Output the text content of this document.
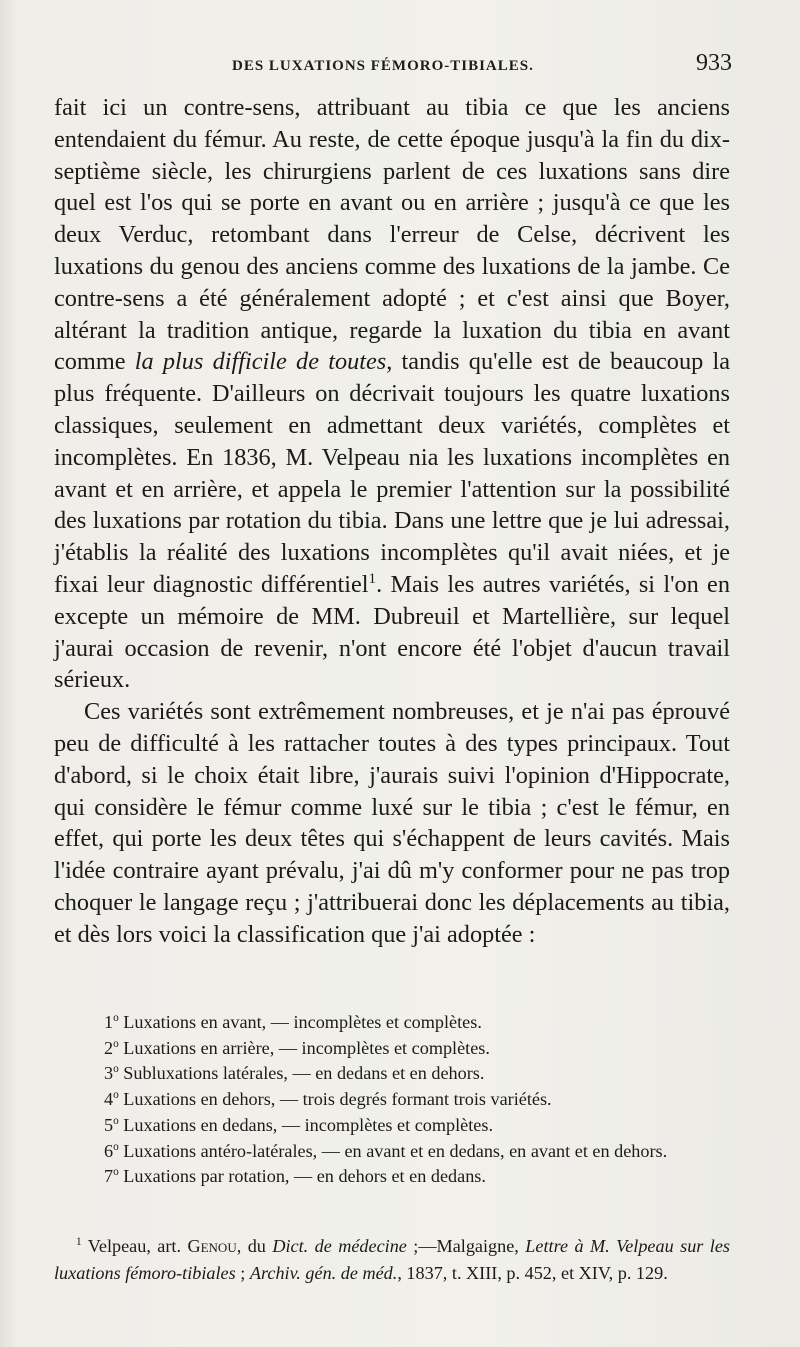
DES LUXATIONS FÉMORO-TIBIALES.	933

fait ici un contre-sens, attribuant au tibia ce que les anciens entendaient du fémur. Au reste, de cette époque jusqu'à la fin du dix-septième siècle, les chirurgiens parlent de ces luxations sans dire quel est l'os qui se porte en avant ou en arrière ; jusqu'à ce que les deux Verduc, retombant dans l'erreur de Celse, décrivent les luxations du genou des anciens comme des luxations de la jambe. Ce contre-sens a été généralement adopté ; et c'est ainsi que Boyer, altérant la tradition antique, regarde la luxation du tibia en avant comme la plus difficile de toutes, tandis qu'elle est de beaucoup la plus fréquente. D'ailleurs on décrivait toujours les quatre luxations classiques, seulement en admettant deux variétés, complètes et incomplètes. En 1836, M. Velpeau nia les luxations incomplètes en avant et en arrière, et appela le premier l'attention sur la possibilité des luxations par rotation du tibia. Dans une lettre que je lui adressai, j'établis la réalité des luxations incomplètes qu'il avait niées, et je fixai leur diagnostic différentiel$^1$. Mais les autres variétés, si l'on en excepte un mémoire de MM. Dubreuil et Martellière, sur lequel j'aurai occasion de revenir, n'ont encore été l'objet d'aucun travail sérieux.

Ces variétés sont extrêmement nombreuses, et je n'ai pas éprouvé peu de difficulté à les rattacher toutes à des types principaux. Tout d'abord, si le choix était libre, j'aurais suivi l'opinion d'Hippocrate, qui considère le fémur comme luxé sur le tibia ; c'est le fémur, en effet, qui porte les deux têtes qui s'échappent de leurs cavités. Mais l'idée contraire ayant prévalu, j'ai dû m'y conformer pour ne pas trop choquer le langage reçu ; j'attribuerai donc les déplacements au tibia, et dès lors voici la classification que j'ai adoptée :

1$^o$ Luxations en avant, — incomplètes et complètes.
2$^o$ Luxations en arrière, — incomplètes et complètes.
3$^o$ Subluxations latérales, — en dedans et en dehors.
4$^o$ Luxations en dehors, — trois degrés formant trois variétés.
5$^o$ Luxations en dedans, — incomplètes et complètes.
6$^o$ Luxations antéro-latérales, — en avant et en dedans, en avant et en dehors.
7$^o$ Luxations par rotation, — en dehors et en dedans.
$^1$ Velpeau, art. Genou, du Dict. de médecine ;—Malgaigne, Lettre à M. Velpeau sur les luxations fémoro-tibiales ; Archiv. gén. de méd., 1837, t. XIII, p. 452, et XIV, p. 129.
